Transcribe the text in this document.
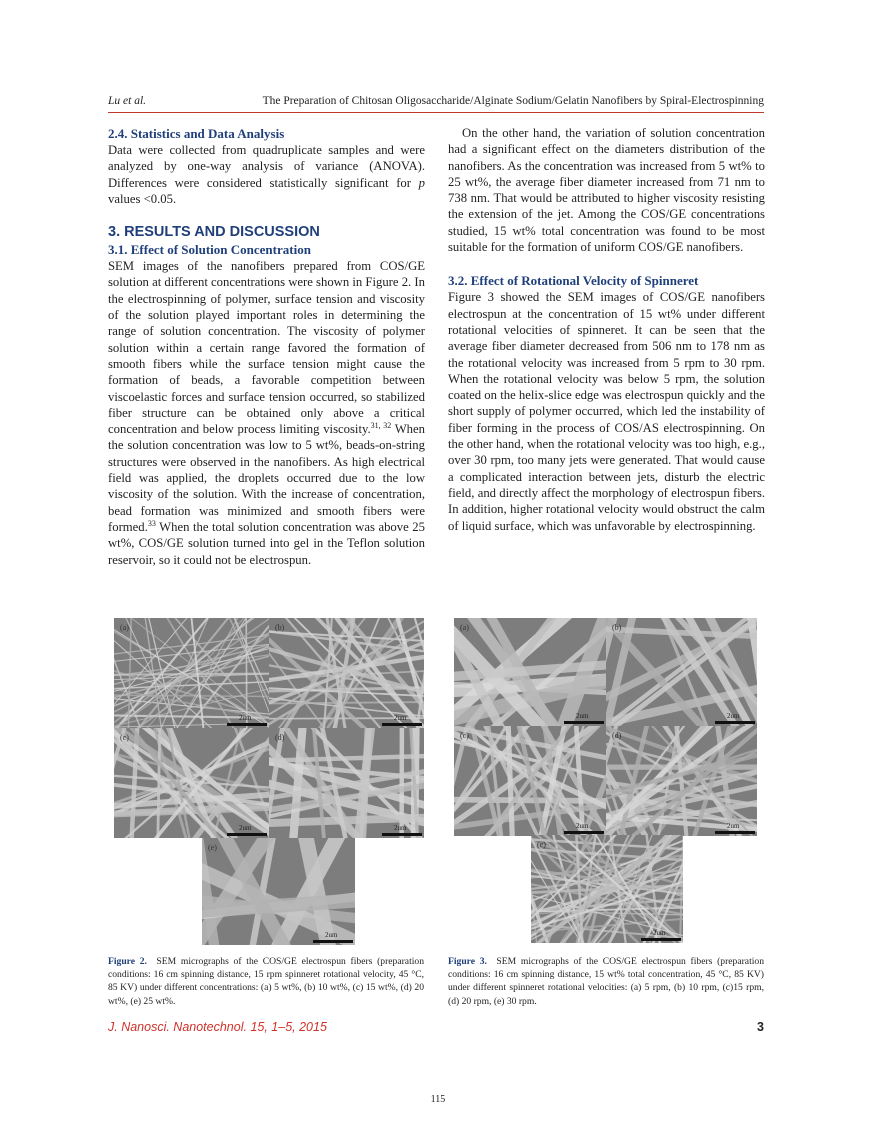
Lu et al.	The Preparation of Chitosan Oligosaccharide/Alginate Sodium/Gelatin Nanofibers by Spiral-Electrospinning

2.4. Statistics and Data Analysis

Data were collected from quadruplicate samples and were analyzed by one-way analysis of variance (ANOVA). Differences were considered statistically significant for p values <0.05.

3. RESULTS AND DISCUSSION

3.1. Effect of Solution Concentration

SEM images of the nanofibers prepared from COS/GE solution at different concentrations were shown in Figure 2. In the electrospinning of polymer, surface tension and viscosity of the solution played important roles in determining the range of solution concentration. The viscosity of polymer solution within a certain range favored the formation of smooth fibers while the surface tension might cause the formation of beads, a favorable competition between viscoelastic forces and surface tension occurred, so stabilized fiber structure can be obtained only above a critical concentration and below process limiting viscosity.$^{31, 32}$ When the solution concentration was low to 5 wt%, beads-on-string structures were observed in the nanofibers. As high electrical field was applied, the droplets occurred due to the low viscosity of the solution. With the increase of concentration, bead formation was minimized and smooth fibers were formed.$^{33}$ When the total solution concentration was above 25 wt%, COS/GE solution turned into gel in the Teflon solution reservoir, so it could not be electrospun.

On the other hand, the variation of solution concentration had a significant effect on the diameters distribution of the nanofibers. As the concentration was increased from 5 wt% to 25 wt%, the average fiber diameter increased from 71 nm to 738 nm. That would be attributed to higher viscosity resisting the extension of the jet. Among the COS/GE concentrations studied, 15 wt% total concentration was found to be most suitable for the formation of uniform COS/GE nanofibers.

3.2. Effect of Rotational Velocity of Spinneret

Figure 3 showed the SEM images of COS/GE nanofibers electrospun at the concentration of 15 wt% under different rotational velocities of spinneret. It can be seen that the average fiber diameter decreased from 506 nm to 178 nm as the rotational velocity was increased from 5 rpm to 30 rpm. When the rotational velocity was below 5 rpm, the solution coated on the helix-slice edge was electrospun quickly and the short supply of polymer occurred, which led the instability of fiber forming in the process of COS/AS electrospinning. On the other hand, when the rotational velocity was too high, e.g., over 30 rpm, too many jets were generated. That would cause a complicated interaction between jets, disturb the electric field, and directly affect the morphology of electrospun fibers. In addition, higher rotational velocity would obstruct the calm of liquid surface, which was unfavorable by electrospinning.

(a)
2um
(b)
2um
(c)
2um
(d)
2um
(e)
2um
(a)
2um
(b)
2um
(c)
2um
(d)
2um
(e)
2um
Figure 2. SEM micrographs of the COS/GE electrospun fibers (preparation conditions: 16 cm spinning distance, 15 rpm spinneret rotational velocity, 45 °C, 85 KV) under different concentrations: (a) 5 wt%, (b) 10 wt%, (c) 15 wt%, (d) 20 wt%, (e) 25 wt%.
Figure 3. SEM micrographs of the COS/GE electrospun fibers (preparation conditions: 16 cm spinning distance, 15 wt% total concentration, 45 °C, 85 KV) under different spinneret rotational velocities: (a) 5 rpm, (b) 10 rpm, (c)15 rpm, (d) 20 rpm, (e) 30 rpm.
J. Nanosci. Nanotechnol. 15, 1–5, 2015	3
115
